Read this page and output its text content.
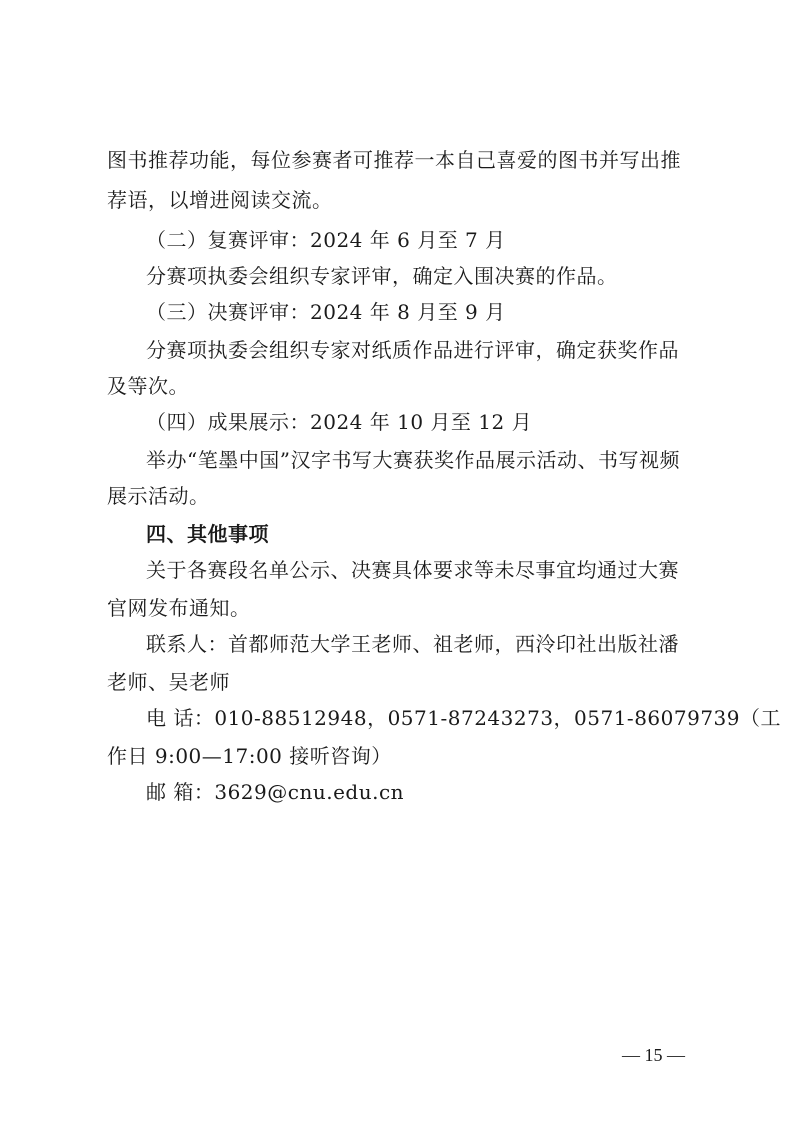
图书推荐功能，每位参赛者可推荐一本自己喜爱的图书并写出推
荐语，以增进阅读交流。
（二）复赛评审：2024 年 6 月至 7 月
分赛项执委会组织专家评审，确定入围决赛的作品。
（三）决赛评审：2024 年 8 月至 9 月
分赛项执委会组织专家对纸质作品进行评审，确定获奖作品
及等次。
（四）成果展示：2024 年 10 月至 12 月
举办“笔墨中国”汉字书写大赛获奖作品展示活动、书写视频
展示活动。
四、其他事项
关于各赛段名单公示、决赛具体要求等未尽事宜均通过大赛
官网发布通知。
联系人：首都师范大学王老师、祖老师，西泠印社出版社潘
老师、吴老师
电 话：010-88512948，0571-87243273，0571-86079739（工
作日 9:00—17:00 接听咨询）
邮 箱：3629@cnu.edu.cn
— 15 —
